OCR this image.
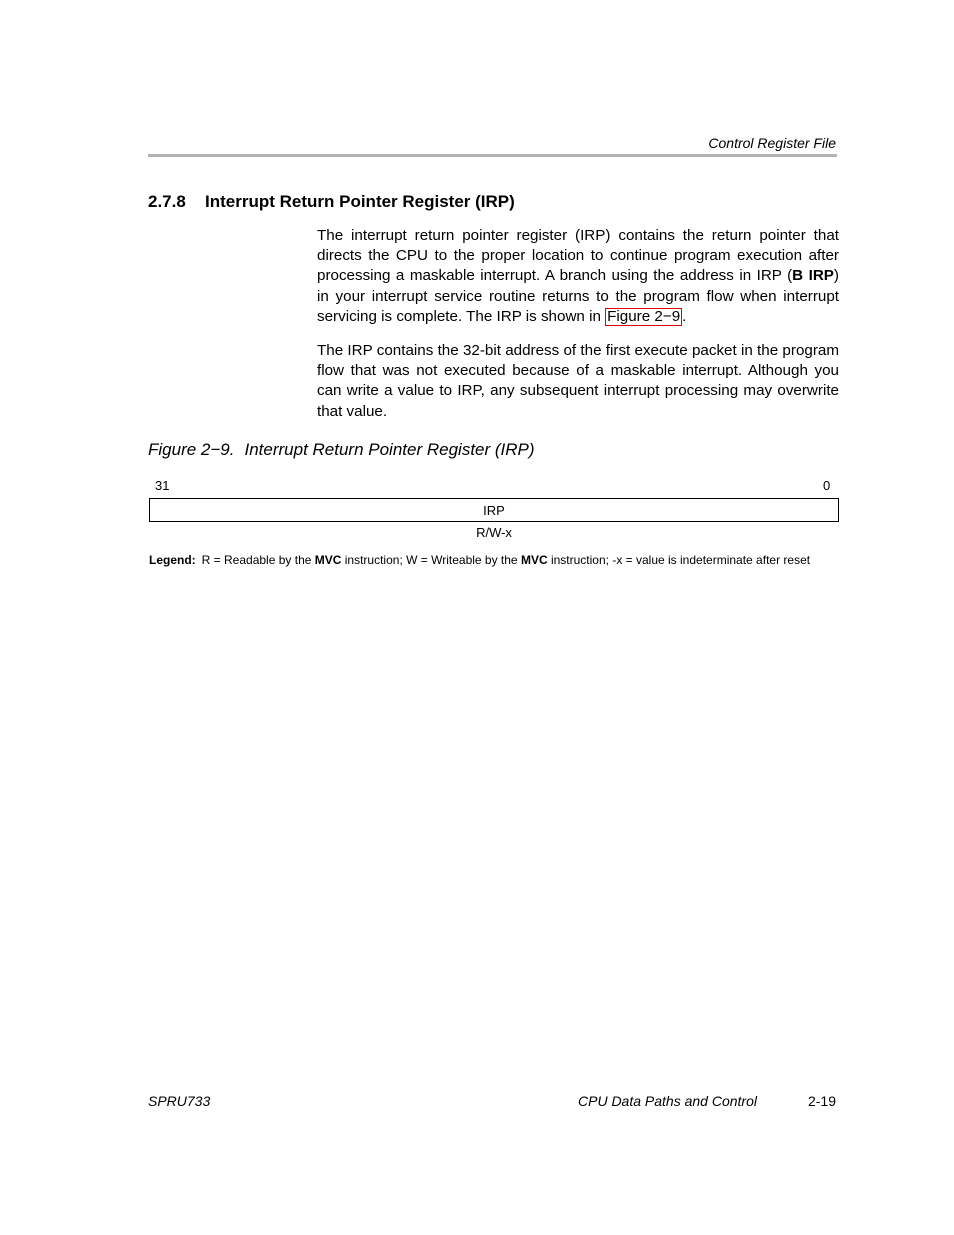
Control Register File
2.7.8 Interrupt Return Pointer Register (IRP)

The interrupt return pointer register (IRP) contains the return pointer that directs the CPU to the proper location to continue program execution after processing a maskable interrupt. A branch using the address in IRP (B IRP) in your interrupt service routine returns to the program flow when interrupt servicing is complete. The IRP is shown in Figure 2−9 .

The IRP contains the 32-bit address of the first execute packet in the program flow that was not executed because of a maskable interrupt. Although you can write a value to IRP, any subsequent interrupt processing may overwrite that value.

Figure 2−9. Interrupt Return Pointer Register (IRP)
31	0
IRP
R/W-x
Legend: R = Readable by the MVC instruction; W = Writeable by the MVC instruction; -x = value is indeterminate after reset
SPRU733	CPU Data Paths and Control	2-19
